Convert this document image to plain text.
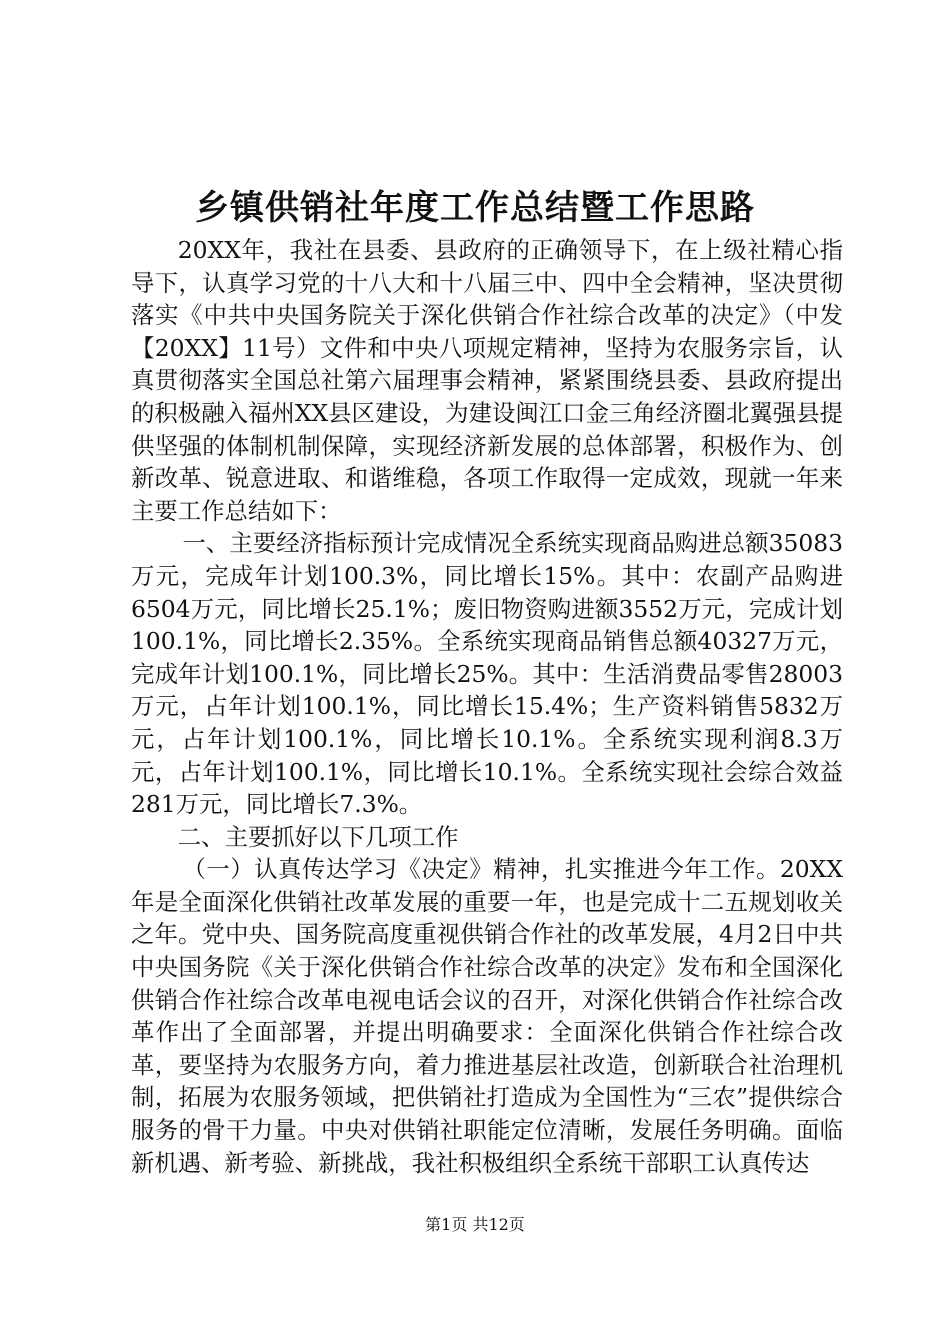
乡镇供销社年度工作总结暨工作思路

20XX年，我社在县委、县政府的正确领导下，在上级社精心指导下，认真学习党的十八大和十八届三中、四中全会精神，坚决贯彻落实《中共中央国务院关于深化供销合作社综合改革的决定》（中发【20XX】11号）文件和中央八项规定精神，坚持为农服务宗旨，认真贯彻落实全国总社第六届理事会精神，紧紧围绕县委、县政府提出的积极融入福州XX县区建设，为建设闽江口金三角经济圈北翼强县提供坚强的体制机制保障，实现经济新发展的总体部署，积极作为、创新改革、锐意进取、和谐维稳，各项工作取得一定成效，现就一年来主要工作总结如下：

一、主要经济指标预计完成情况全系统实现商品购进总额35083万元，完成年计划100.3%，同比增长15%。其中：农副产品购进6504万元，同比增长25.1%；废旧物资购进额3552万元，完成计划100.1%，同比增长2.35%。全系统实现商品销售总额40327万元，完成年计划100.1%，同比增长25%。其中：生活消费品零售28003万元，占年计划100.1%，同比增长15.4%；生产资料销售5832万元，占年计划100.1%，同比增长10.1%。全系统实现利润8.3万元，占年计划100.1%，同比增长10.1%。全系统实现社会综合效益281万元，同比增长7.3%。

二、主要抓好以下几项工作

（一）认真传达学习《决定》精神，扎实推进今年工作。20XX年是全面深化供销社改革发展的重要一年，也是完成十二五规划收关之年。党中央、国务院高度重视供销合作社的改革发展，4月2日中共中央国务院《关于深化供销合作社综合改革的决定》发布和全国深化供销合作社综合改革电视电话会议的召开，对深化供销合作社综合改革作出了全面部署，并提出明确要求：全面深化供销合作社综合改革，要坚持为农服务方向，着力推进基层社改造，创新联合社治理机制，拓展为农服务领域，把供销社打造成为全国性为“三农”提供综合服务的骨干力量。中央对供销社职能定位清晰，发展任务明确。面临新机遇、新考验、新挑战，我社积极组织全系统干部职工认真传达

第1页 共12页
